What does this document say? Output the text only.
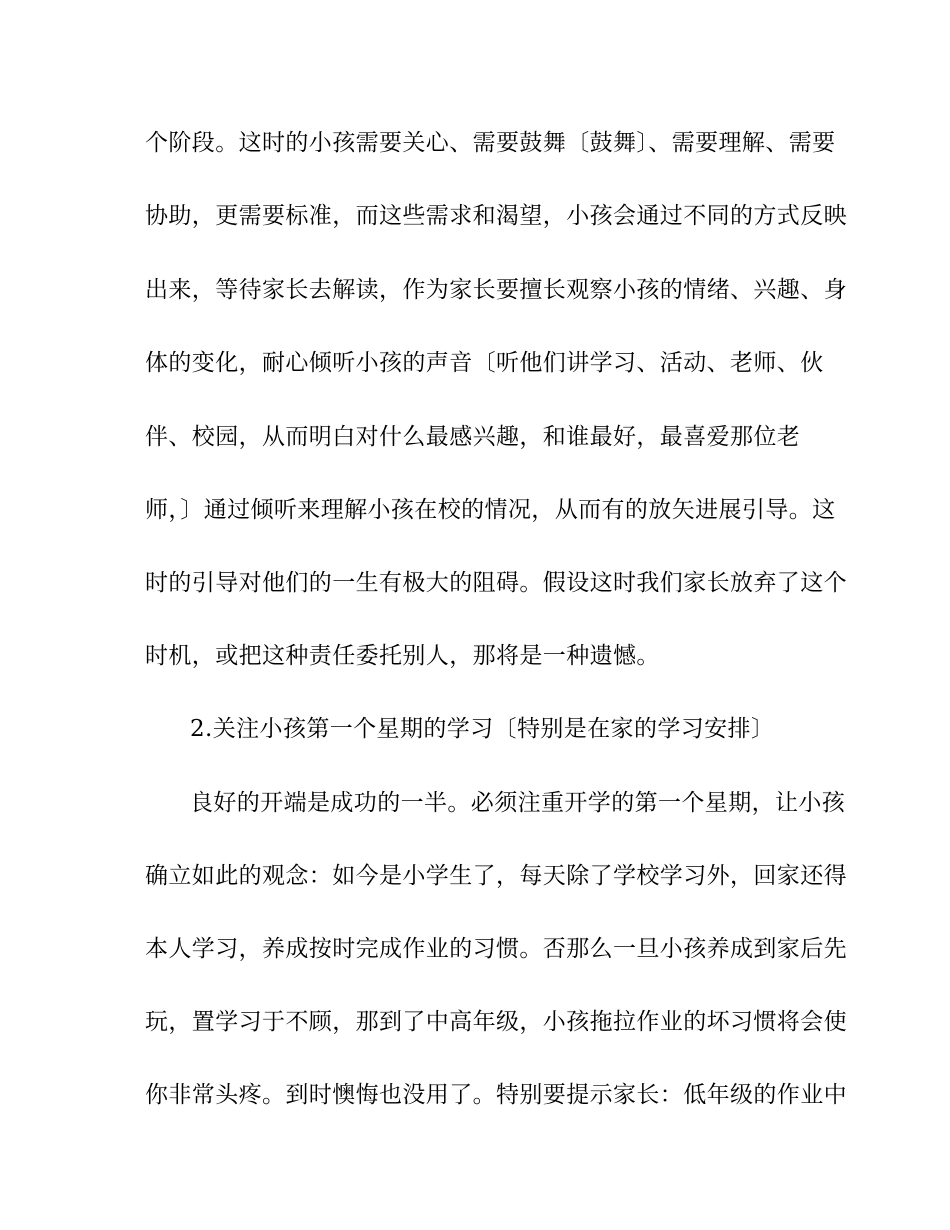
个阶段。这时的小孩需要关心、需要鼓舞〔鼓舞〕、需要理解、需要
协助，更需要标准，而这些需求和渴望，小孩会通过不同的方式反映
出来，等待家长去解读，作为家长要擅长观察小孩的情绪、兴趣、身
体的变化，耐心倾听小孩的声音〔听他们讲学习、活动、老师、伙
伴、校园，从而明白对什么最感兴趣，和谁最好，最喜爱那位老
师，〕通过倾听来理解小孩在校的情况，从而有的放矢进展引导。这
时的引导对他们的一生有极大的阻碍。假设这时我们家长放弃了这个
时机，或把这种责任委托别人，那将是一种遗憾。
2.关注小孩第一个星期的学习〔特别是在家的学习安排〕
良好的开端是成功的一半。必须注重开学的第一个星期，让小孩
确立如此的观念：如今是小学生了，每天除了学校学习外，回家还得
本人学习，养成按时完成作业的习惯。否那么一旦小孩养成到家后先
玩，置学习于不顾，那到了中高年级，小孩拖拉作业的坏习惯将会使
你非常头疼。到时懊悔也没用了。特别要提示家长：低年级的作业中
